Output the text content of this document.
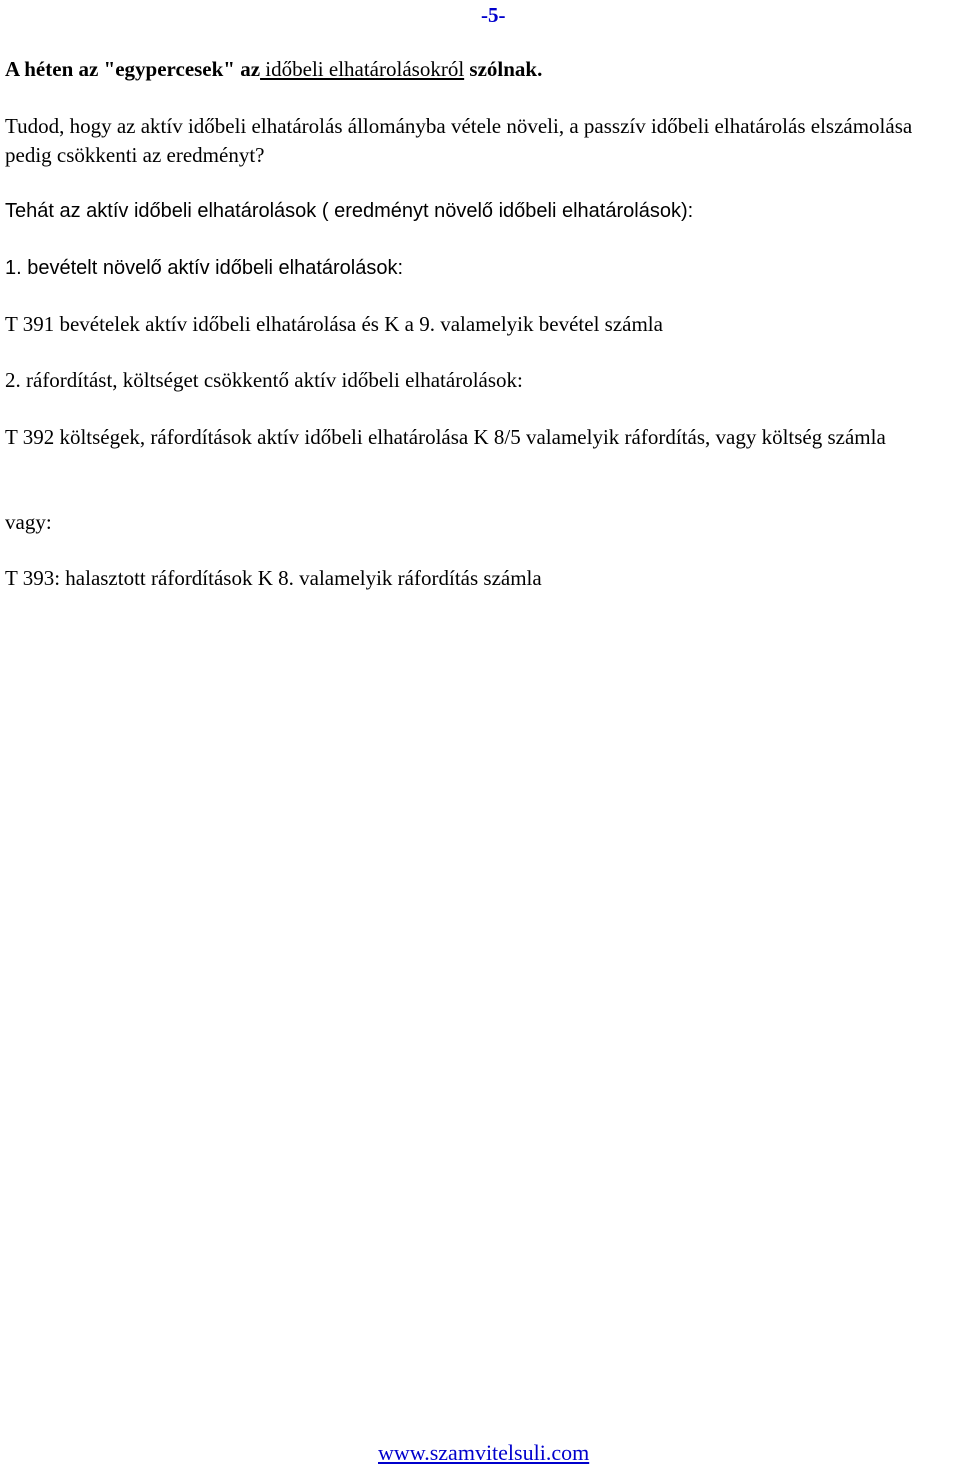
-5-

A héten az "egypercesek" az időbeli elhatárolásokról szólnak.

Tudod, hogy az aktív időbeli elhatárolás állományba vétele növeli, a passzív időbeli elhatárolás elszámolása pedig csökkenti az eredményt?

Tehát az aktív időbeli elhatárolások ( eredményt növelő időbeli elhatárolások):

1. bevételt növelő aktív időbeli elhatárolások:

T 391 bevételek aktív időbeli elhatárolása és K a 9. valamelyik bevétel számla

2. ráfordítást, költséget csökkentő aktív időbeli elhatárolások:

T 392 költségek, ráfordítások aktív időbeli elhatárolása K 8/5 valamelyik ráfordítás, vagy költség számla

vagy:

T 393: halasztott ráfordítások K 8. valamelyik ráfordítás számla

www.szamvitelsuli.com
